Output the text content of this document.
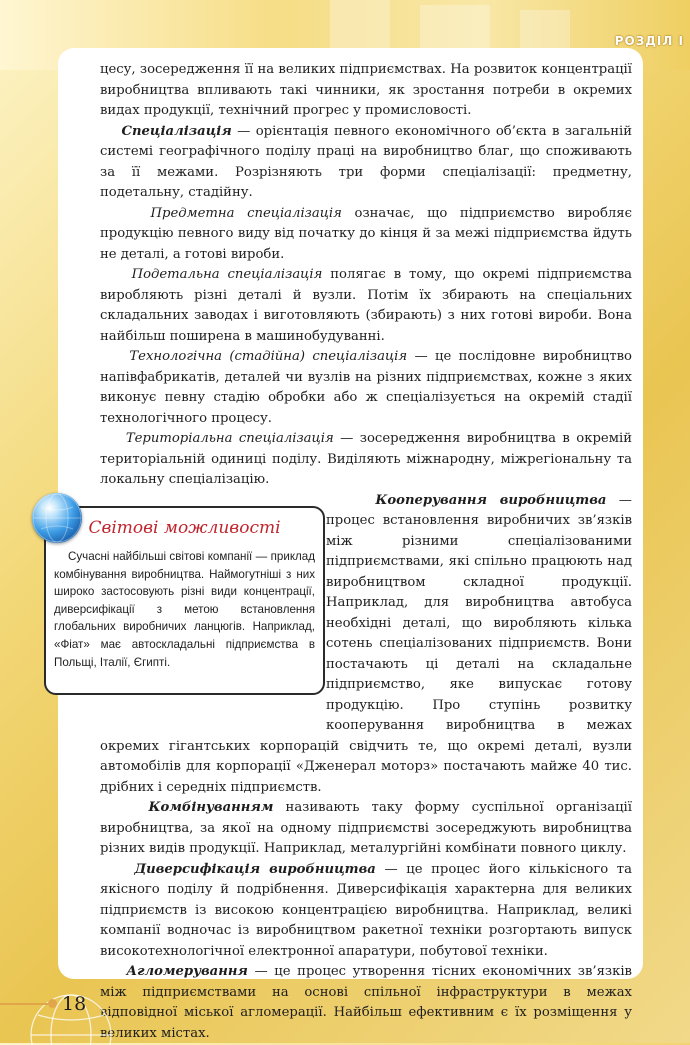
РОЗДІЛ І

цесу, зосередження її на великих підприємствах. На розвиток концентрації виробництва впливають такі чинники, як зростання потреби в окремих видах продукції, технічний прогрес у промисловості.

Спеціалізація — орієнтація певного економічного об’єкта в загальній системі географічного поділу праці на виробництво благ, що споживають за її межами. Розрізняють три форми спеціалізації: предметну, подетальну, стадійну.

Предметна спеціалізація означає, що підприємство виробляє продукцію певного виду від початку до кінця й за межі підприємства йдуть не деталі, а готові вироби.

Подетальна спеціалізація полягає в тому, що окремі підприємства виробляють різні деталі й вузли. Потім їх збирають на спеціальних складальних заводах і виготовляють (збирають) з них готові вироби. Вона найбільш поширена в машинобудуванні.

Технологічна (стадійна) спеціалізація — це послідовне виробництво напівфабрикатів, деталей чи вузлів на різних підприємствах, кожне з яких виконує певну стадію обробки або ж спеціалізується на окремій стадії технологічного процесу.

Територіальна спеціалізація — зосередження виробництва в окремій територіальній одиниці поділу. Виділяють міжнародну, міжрегіональну та локальну спеціалізацію.

Кооперування виробництва
— процес встановлення виробничих зв’язків між різними спеціалізованими підприємствами, які спільно працюють над виробництвом складної продукції. Наприклад, для виробництва автобуса необхідні деталі, що виробляють кілька сотень спеціалізованих підприємств. Вони постачають ці деталі на складальне підприємство, яке випускає готову продукцію. Про ступінь розвитку кооперування виробництва в межах окремих гігантських корпорацій свідчить те, що окремі деталі, вузли автомобілів для корпорації «Дженерал моторз» постачають майже 40 тис. дрібних і середніх підприємств.

Комбінуванням називають таку форму суспільної організації виробництва, за якої на одному підприємстві зосереджують виробництва різних видів продукції. Наприклад, металургійні комбінати повного циклу.

Диверсифікація виробництва — це процес його кількісного та якісного поділу й подрібнення. Диверсифікація характерна для великих підприємств із високою концентрацією виробництва. Наприклад, великі компанії водночас із виробництвом ракетної техніки розгортають випуск високотехнологічної електронної апаратури, побутової техніки.

Агломерування — це процес утворення тісних економічних зв’язків між підприємствами на основі спільної інфраструктури в межах відповідної міської агломерації. Найбільш ефективним є їх розміщення у великих містах.

Світові можливості
Сучасні найбільші світові компанії — приклад комбінування виробництва. Наймогутніші з них широко застосовують різні види концентрації, диверсифікації з метою встановлення глобальних виробничих ланцюгів. Наприклад, «Фіат» має автоскладальні підприємства в Польщі, Італії, Єгипті.
18
